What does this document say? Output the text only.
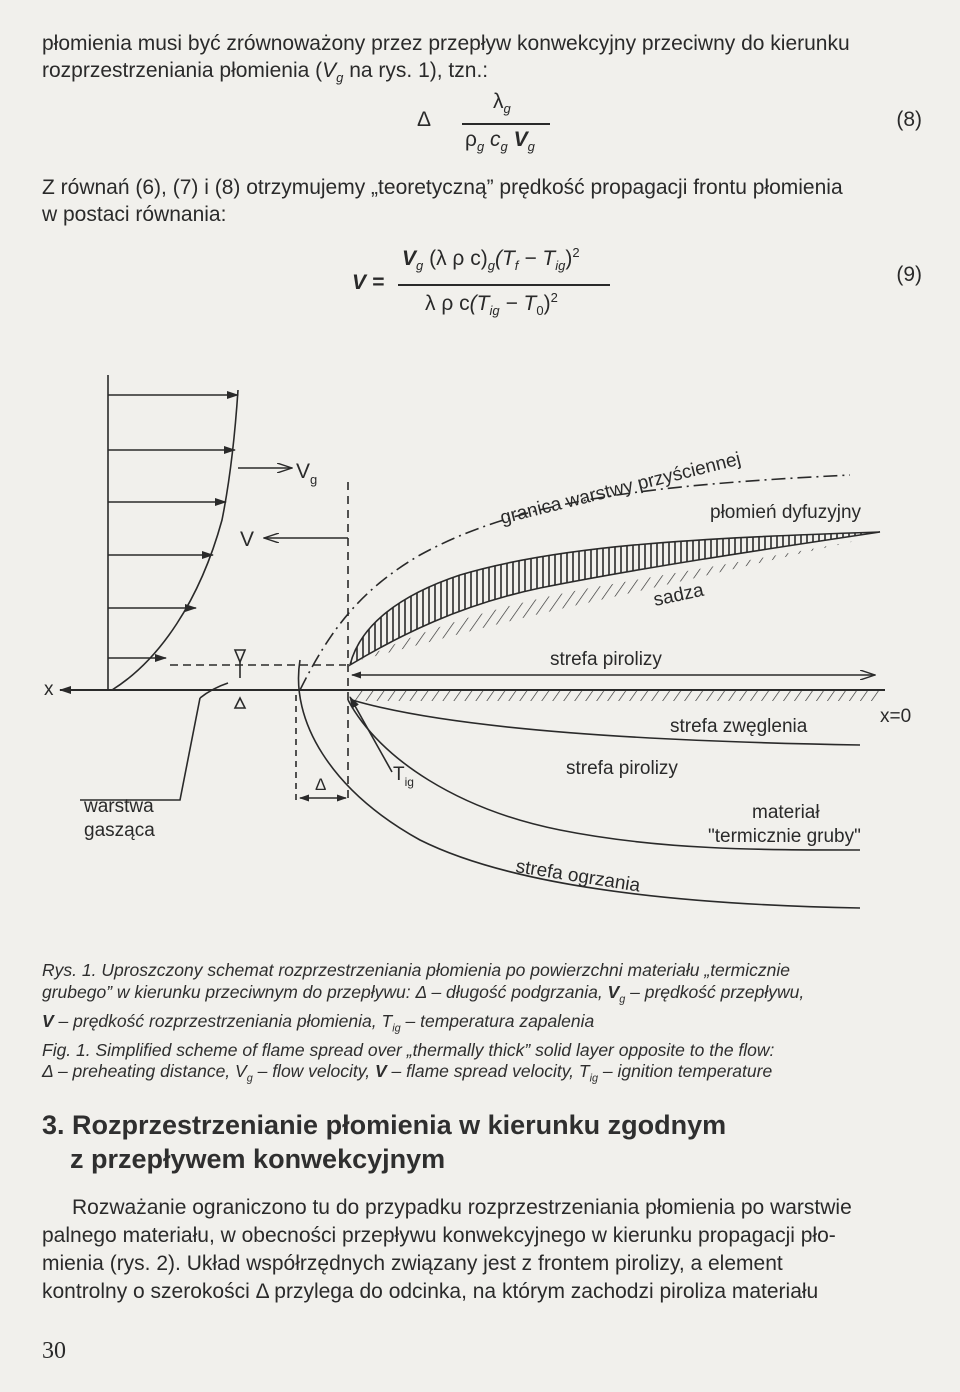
płomienia musi być zrównoważony przez przepływ konwekcyjny przeciwny do kierunku
rozprzestrzeniania płomienia ($V_g$ na rys. 1), tzn.:
Δ
$\lambda_g$
$\rho_g$ $c_g$ $V_g$
(8)
Z równań (6), (7) i (8) otrzymujemy „teoretyczną” prędkość propagacji frontu płomienia
w postaci równania:
V =
$V_g$ (λ ρ $c)_g(T_f - T_{ig})^2$
λ ρ $c(T_{ig} - T_0)^2$
(9)
$V_g$
V
granica warstwy przyściennej
płomień dyfuzyjny
sadza
strefa pirolizy
x
x=0
strefa zwęglenia
strefa pirolizy
strefa ogrzania
materiał
"termicznie gruby"
warstwa
gasząca
$T_{ig}$
Δ
Rys. 1. Uproszczony schemat rozprzestrzeniania płomienia po powierzchni materiału „termicznie
grubego” w kierunku przeciwnym do przepływu: Δ – długość podgrzania, $V_g$ – prędkość przepływu,
V – prędkość rozprzestrzeniania płomienia, $T_{ig}$ – temperatura zapalenia
Fig. 1. Simplified scheme of flame spread over „thermally thick” solid layer opposite to the flow:
Δ – preheating distance, $V_g$ – flow velocity, V – flame spread velocity, $T_{ig}$ – ignition temperature
3. Rozprzestrzenianie płomienia w kierunku zgodnym
z przepływem konwekcyjnym
Rozważanie ograniczono tu do przypadku rozprzestrzeniania płomienia po warstwie
palnego materiału, w obecności przepływu konwekcyjnego w kierunku propagacji pło-
mienia (rys. 2). Układ współrzędnych związany jest z frontem pirolizy, a element
kontrolny o szerokości Δ przylega do odcinka, na którym zachodzi piroliza materiału
30
